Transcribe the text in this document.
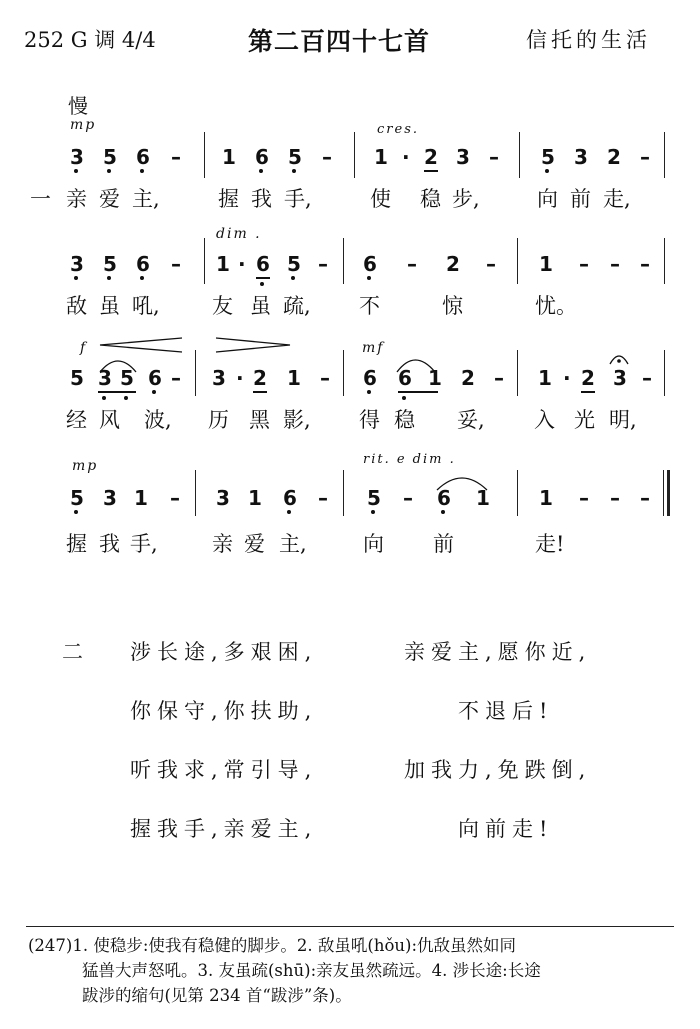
252 G 调 4/4	第二百四十七首	信托的生活
慢
mp	cres.
3 5 6 – 1 6 5 – 1 · 2 3 – 5 3 2 –
一 亲 爱 主,	握 我 手,	使 稳 步,	向 前 走,
dim .
3 5 6 – 1 · 6 5 – 6 – 2 – 1 – – –
敌 虽 吼, 友 虽 疏, 不	惊	忧。
f	mf
5 3 5 6 – 3 · 2 1 – 6 6 1 2 – 1 · 2 3 –
经 风 波, 历 黑 影, 得 稳 妥, 入 光 明,
mp	rit. e dim .
5 3 1 – 3 1 6 – 5 – 6 1 1 – – –
握 我 手,	亲 爱 主,	向 前	走!
二 涉长途,多艰困,	亲爱主,愿你近,
你保守,你扶助,	不退后!
听我求,常引导,	加我力,免跌倒,
握我手,亲爱主,	向前走!
(247)1. 使稳步:使我有稳健的脚步。2. 敌虽吼(hǒu):仇敌虽然如同
猛兽大声怒吼。3. 友虽疏(shū):亲友虽然疏远。4. 涉长途:长途
跋涉的缩句(见第 234 首“跋涉”条)。
